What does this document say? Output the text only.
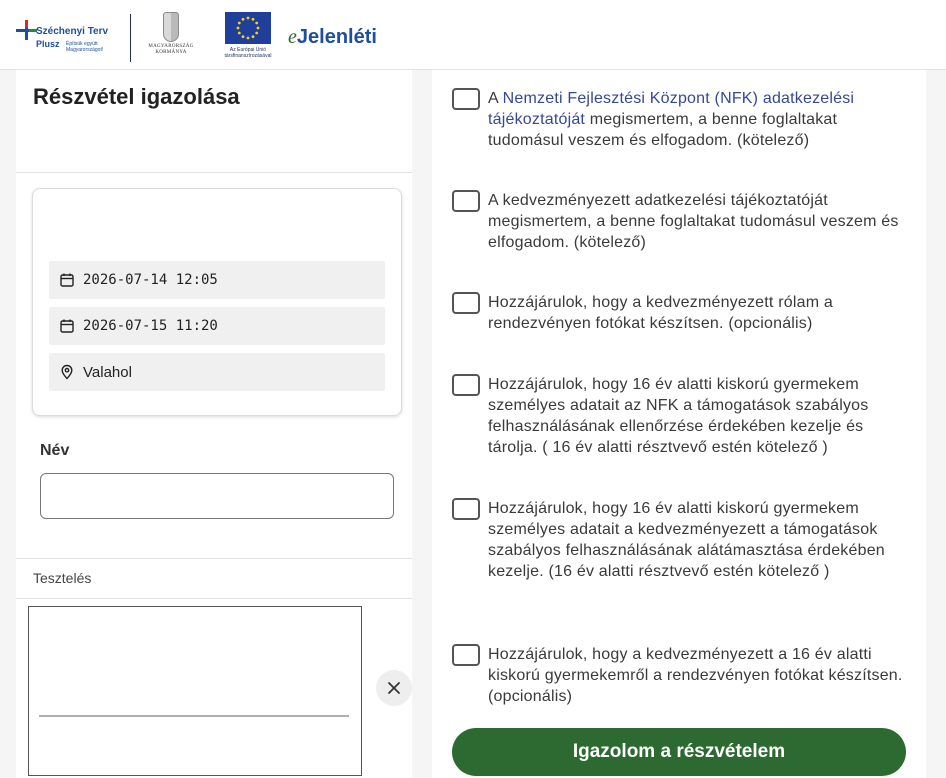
Széchenyi Terv
Plusz Építsük együtt Magyarországot!
MAGYARORSZÁG
KORMÁNYA	Az Európai Unió
társfinanszírozásával
eJelenléti
Részvétel igazolása
2026-07-14 12:05
2026-07-15 11:20
Valahol
Név
Tesztelés
A Nemzeti Fejlesztési Központ (NFK) adatkezelési tájékoztatóját megismertem, a benne foglaltakat tudomásul veszem és elfogadom. (kötelező)
A kedvezményezett adatkezelési tájékoztatóját megismertem, a benne foglaltakat tudomásul veszem és elfogadom. (kötelező)
Hozzájárulok, hogy a kedvezményezett rólam a rendezvényen fotókat készítsen. (opcionális)
Hozzájárulok, hogy 16 év alatti kiskorú gyermekem személyes adatait az NFK a támogatások szabályos felhasználásának ellenőrzése érdekében kezelje és tárolja. ( 16 év alatti résztvevő estén kötelező )
Hozzájárulok, hogy 16 év alatti kiskorú gyermekem személyes adatait a kedvezményezett a támogatások szabályos felhasználásának alátámasztása érdekében kezelje. (16 év alatti résztvevő estén kötelező )
Hozzájárulok, hogy a kedvezményezett a 16 év alatti kiskorú gyermekemről a rendezvényen fotókat készítsen. (opcionális)
Igazolom a részvételem
